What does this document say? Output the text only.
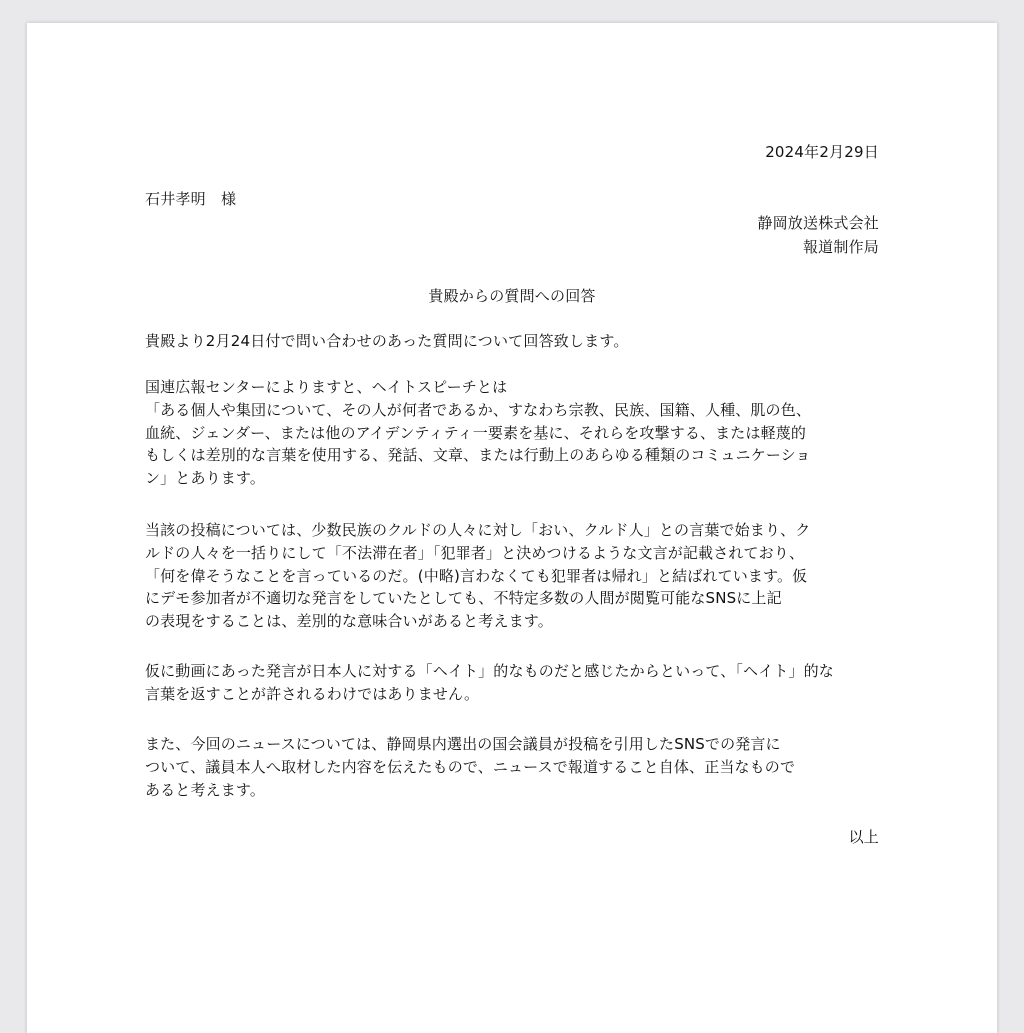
2024年2月29日
石井孝明　様
静岡放送株式会社
報道制作局
貴殿からの質問への回答
貴殿より2月24日付で問い合わせのあった質問について回答致します。
国連広報センターによりますと、ヘイトスピーチとは
「ある個人や集団について、その人が何者であるか、すなわち宗教、民族、国籍、人種、肌の色、
血統、ジェンダー、または他のアイデンティティ一要素を基に、それらを攻撃する、または軽蔑的
もしくは差別的な言葉を使用する、発話、文章、または行動上のあらゆる種類のコミュニケーショ
ン」とあります。
当該の投稿については、少数民族のクルドの人々に対し「おい、クルド人」との言葉で始まり、ク
ルドの人々を一括りにして「不法滞在者」「犯罪者」と決めつけるような文言が記載されており、
「何を偉そうなことを言っているのだ。(中略)言わなくても犯罪者は帰れ」と結ばれています。仮
にデモ参加者が不適切な発言をしていたとしても、不特定多数の人間が閲覧可能なSNSに上記
の表現をすることは、差別的な意味合いがあると考えます。
仮に動画にあった発言が日本人に対する「ヘイト」的なものだと感じたからといって、「ヘイト」的な
言葉を返すことが許されるわけではありません。
また、今回のニュースについては、静岡県内選出の国会議員が投稿を引用したSNSでの発言に
ついて、議員本人へ取材した内容を伝えたもので、ニュースで報道すること自体、正当なもので
あると考えます。
以上
